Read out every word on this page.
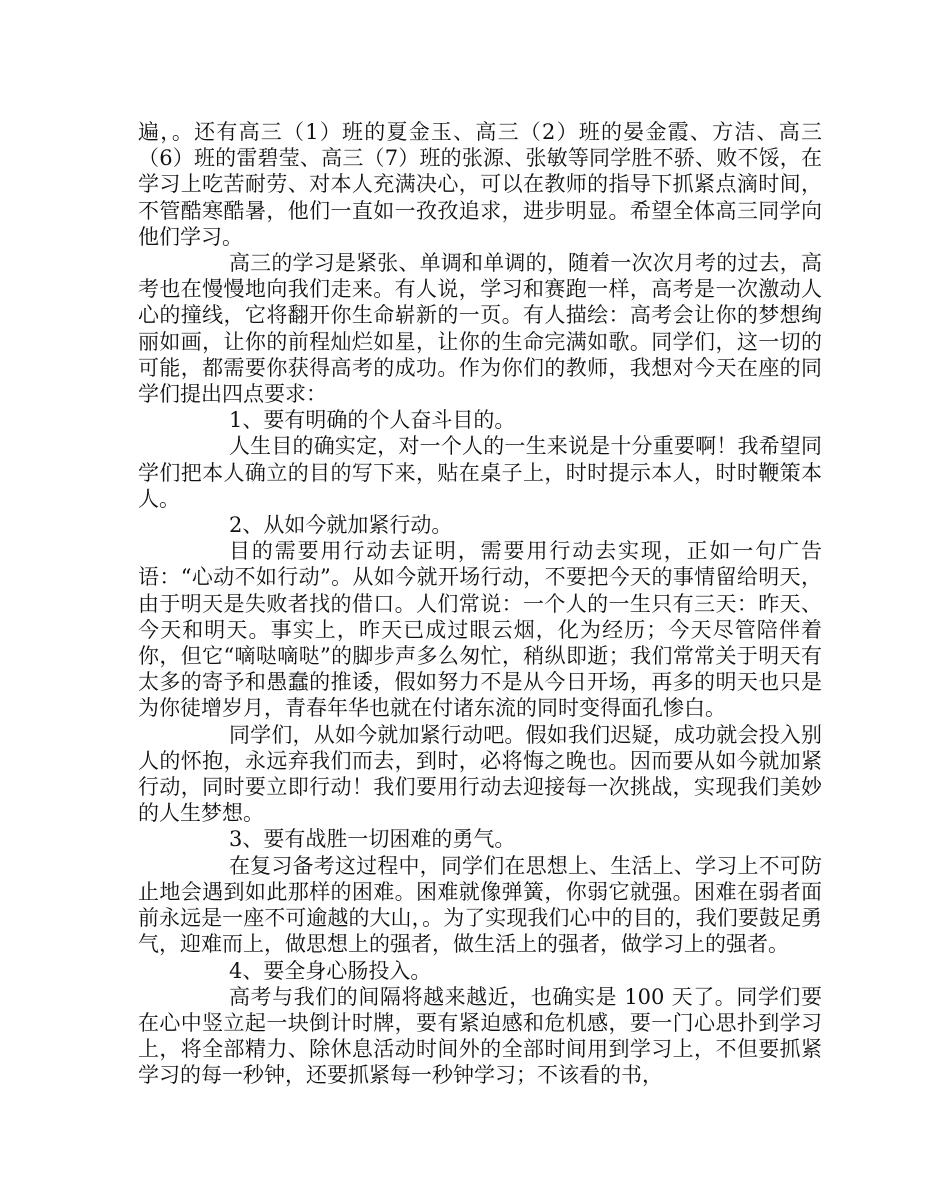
遍，。还有高三（1）班的夏金玉、高三（2）班的晏金霞、方洁、高三（6）班的雷碧莹、高三（7）班的张源、张敏等同学胜不骄、败不馁，在学习上吃苦耐劳、对本人充满决心，可以在教师的指导下抓紧点滴时间，不管酷寒酷暑，他们一直如一孜孜追求，进步明显。希望全体高三同学向他们学习。

高三的学习是紧张、单调和单调的，随着一次次月考的过去，高考也在慢慢地向我们走来。有人说，学习和赛跑一样，高考是一次激动人心的撞线，它将翻开你生命崭新的一页。有人描绘：高考会让你的梦想绚丽如画，让你的前程灿烂如星，让你的生命完满如歌。同学们，这一切的可能，都需要你获得高考的成功。作为你们的教师，我想对今天在座的同学们提出四点要求：

1、要有明确的个人奋斗目的。

人生目的确实定，对一个人的一生来说是十分重要啊！我希望同学们把本人确立的目的写下来，贴在桌子上，时时提示本人，时时鞭策本人。

2、从如今就加紧行动。

目的需要用行动去证明，需要用行动去实现，正如一句广告语：“心动不如行动”。从如今就开场行动，不要把今天的事情留给明天，由于明天是失败者找的借口。人们常说：一个人的一生只有三天：昨天、今天和明天。事实上，昨天已成过眼云烟，化为经历；今天尽管陪伴着你，但它“嘀哒嘀哒”的脚步声多么匆忙，稍纵即逝；我们常常关于明天有太多的寄予和愚蠢的推诿，假如努力不是从今日开场，再多的明天也只是为你徒增岁月，青春年华也就在付诸东流的同时变得面孔惨白。

同学们，从如今就加紧行动吧。假如我们迟疑，成功就会投入别人的怀抱，永远弃我们而去，到时，必将悔之晚也。因而要从如今就加紧行动，同时要立即行动！我们要用行动去迎接每一次挑战，实现我们美妙的人生梦想。

3、要有战胜一切困难的勇气。

在复习备考这过程中，同学们在思想上、生活上、学习上不可防止地会遇到如此那样的困难。困难就像弹簧，你弱它就强。困难在弱者面前永远是一座不可逾越的大山，。为了实现我们心中的目的，我们要鼓足勇气，迎难而上，做思想上的强者，做生活上的强者，做学习上的强者。

4、要全身心肠投入。

高考与我们的间隔将越来越近，也确实是 100 天了。同学们要在心中竖立起一块倒计时牌，要有紧迫感和危机感，要一门心思扑到学习上，将全部精力、除休息活动时间外的全部时间用到学习上，不但要抓紧学习的每一秒钟，还要抓紧每一秒钟学习；不该看的书，
